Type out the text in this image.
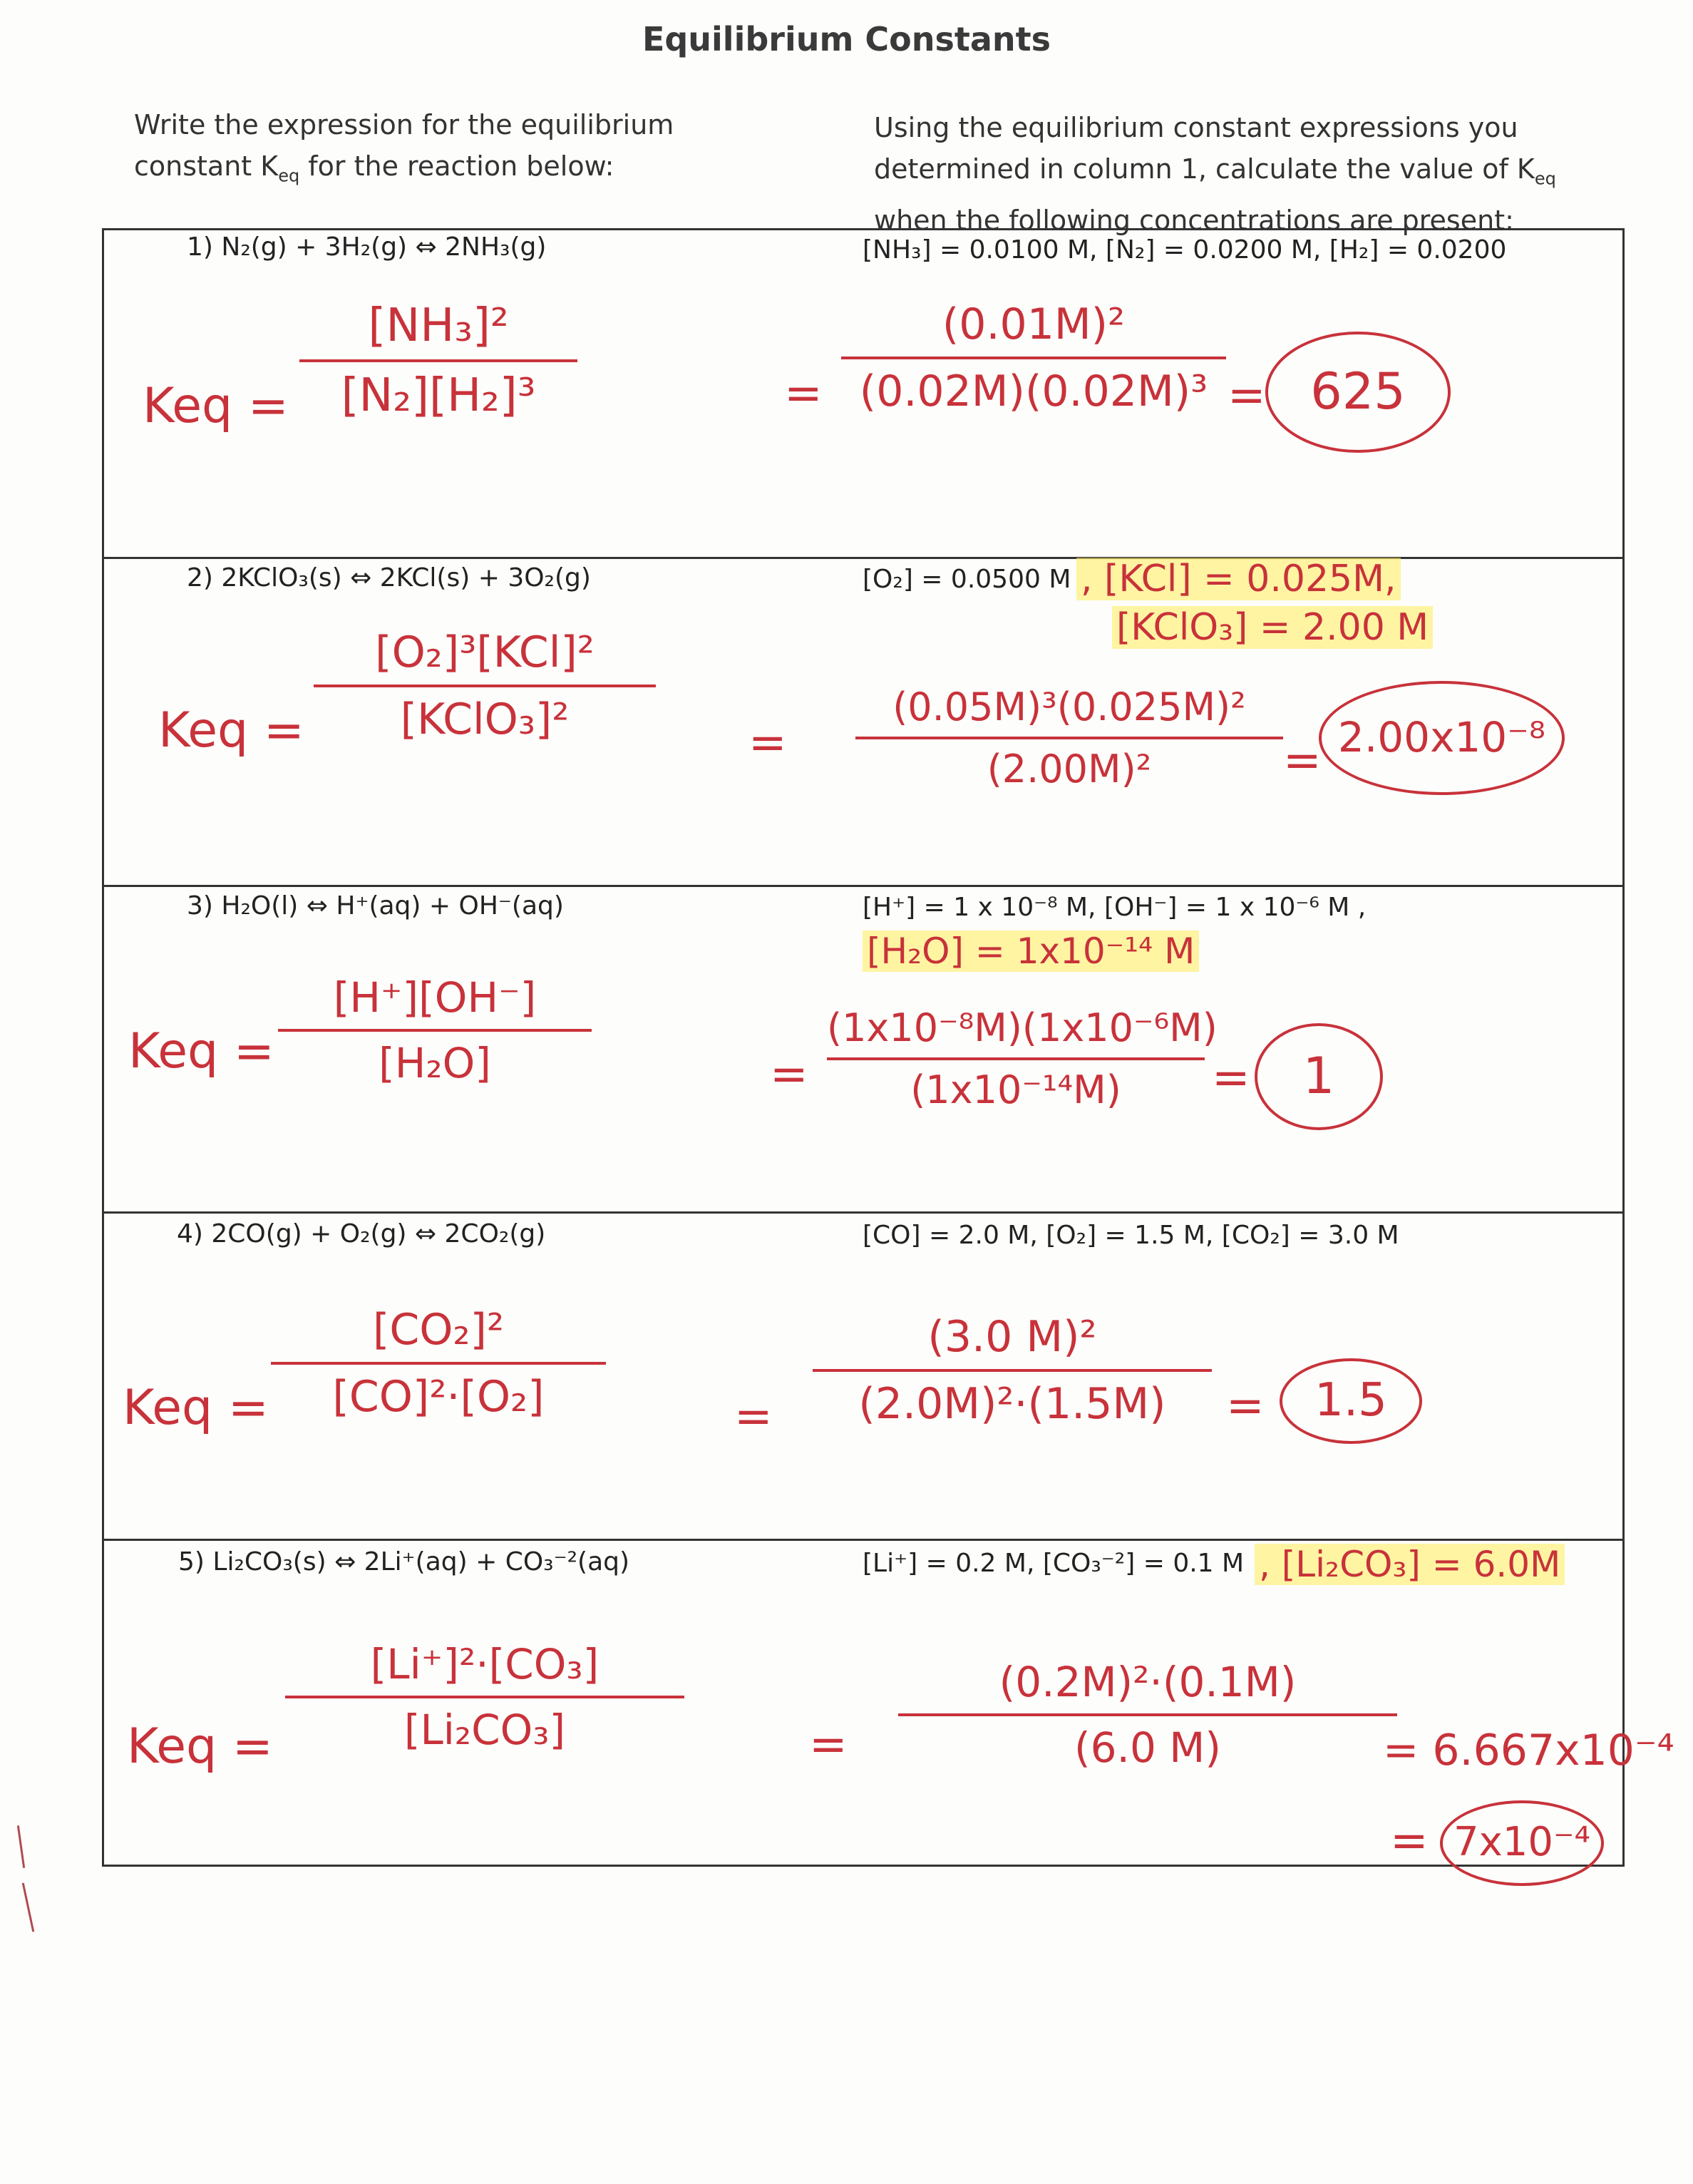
Equilibrium Constants
Write the expression for the equilibrium
constant $K_{eq}$ for the reaction below:
Using the equilibrium constant expressions you
determined in column 1, calculate the value of $K_{eq}$
when the following concentrations are present:
1) N₂(g) + 3H₂(g) ⇔ 2NH₃(g)	[NH₃] = 0.0100 M, [N₂] = 0.0200 M, [H₂] = 0.0200
Keq =
[NH₃]²
[N₂][H₂]³	=
(0.01M)²
(0.02M)(0.02M)³ = 625
2) 2KClO₃(s) ⇔ 2KCl(s) + 3O₂(g)	[O₂] = 0.0500 M , [KCl] = 0.025M,
[KClO₃] = 2.00 M
Keq =
[O₂]³[KCl]²
[KClO₃]²	=
(0.05M)³(0.025M)²
(2.00M)²	= 2.00x10⁻⁸
3) H₂O(l) ⇔ H⁺(aq) + OH⁻(aq)	[H⁺] = 1 x 10⁻⁸ M, [OH⁻] = 1 x 10⁻⁶ M ,
[H₂O] = 1x10⁻¹⁴ M
Keq =
[H⁺][OH⁻]
[H₂O]	=
(1x10⁻⁸M)(1x10⁻⁶M)
(1x10⁻¹⁴M)	=	1
4) 2CO(g) + O₂(g) ⇔ 2CO₂(g)	[CO] = 2.0 M, [O₂] = 1.5 M, [CO₂] = 3.0 M
Keq =
[CO₂]²
[CO]²·[O₂]	=
(3.0 M)²
(2.0M)²·(1.5M)	=	1.5
5) Li₂CO₃(s) ⇔ 2Li⁺(aq) + CO₃⁻²(aq)	[Li⁺] = 0.2 M, [CO₃⁻²] = 0.1 M , [Li₂CO₃] = 6.0M
Keq =
[Li⁺]²·[CO₃]
[Li₂CO₃]	=
(0.2M)²·(0.1M)
(6.0 M)	= 6.667x10⁻⁴
= 7x10⁻⁴
